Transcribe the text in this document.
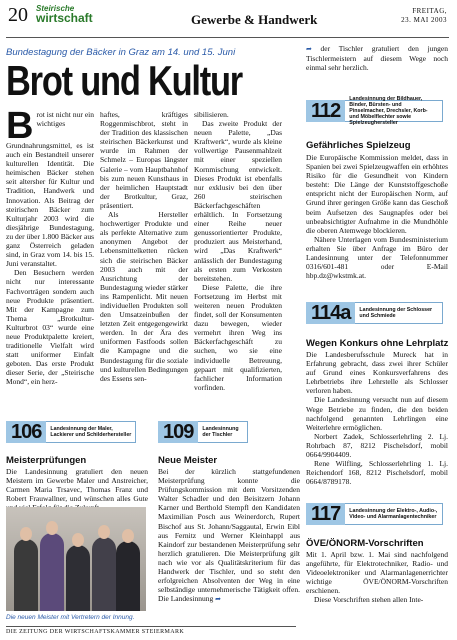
20 Steirische
wirtschaft	Gewerbe & Handwerk
FREITAG,
23. MAI 2003
Bundestagung der Bäcker in Graz am 14. und 15. Juni
Brot und Kultur
B rot ist nicht nur ein wichtiges Grundnahrungsmittel, es ist auch ein Bestandteil unserer kulturellen Identität. Die heimischen Bäcker stehen seit altersher für Kultur und Tradition, Handwerk und Innovation. Als Beitrag der steirischen Bäcker zum Kulturjahr 2003 wird die diesjährige Bundestagung, zu der über 1.800 Bäcker aus ganz Österreich geladen sind, in Graz vom 14. bis 15. Juni veranstaltet.

Den Besuchern werden nicht nur interessante Fachvorträgen sondern auch neue Produkte präsentiert. Mit der Kampagne zum Thema „Brotkultur-Kulturbrot 03“ wurde eine neue Produktpalette kreiert, traditionelle Vielfalt wird statt uniformer Einfalt geboten. Das erste Produkt dieser Serie, der „Steirische Mond“, ein herz-

haftes, kräftiges Roggenmischbrot, steht in der Tradition des klassischen steirischen Bäckerkunst und wurde im Rahmen der Schmelz – Europas längster Galerie – vom Hauptbahnhof bis zum neuen Kunsthaus in der heimlichen Hauptstadt der Brotkultur, Graz, präsentiert.

Als Hersteller hochwertiger Produkte und als perfekte Alternative zum anonymen Angebot der Lebensmittelketten rücken sich die steirischen Bäcker 2003 auch mit der Ausrichtung der Bundestagung wieder stärker ins Rampenlicht. Mit neuen individuellen Produkten soll den Umsatzeinbußen der letzten Zeit entgegengewirkt werden. In der Ära des uniformen Fastfoods sollen die Kampagne und die Bundestagung für die soziale und kulturellen Bedingungen des Essens sen-

sibilisieren.

Das zweite Produkt der neuen Palette, „Das Kraftwerk“, wurde als kleine vollwertige Pausenmahlzeit mit einer speziellen Kornmischung entwickelt. Dieses Produkt ist ebenfalls nur exklusiv bei den über 260 steirischen Bäckerfachgeschäften erhältlich. In Fortsetzung einer Reihe neuer genussorientierter Produkte, produziert aus Meisterhand, wird „Das Kraftwerk“ anlässlich der Bundestagung als ersten zum Verkosten bereitstehen.

Diese Palette, die ihre Fortsetzung im Herbst mit weiteren neuen Produkten findet, soll der Konsumenten dazu bewegen, wieder vermehrt ihren Weg ins Bäckerfachgeschäft zu suchen, wo sie eine individuelle Betreuung, gepaart mit qualifizierten, fachlicher Information vorfinden.

➦ der Tischler gratuliert den jungen Tischlermeistern auf diesem Wege noch einmal sehr herzlich.

112
Landesinnung der Bildhauer, Binder, Bürsten- und Pinselmacher, Drechsler, Korb- und Möbelflechter sowie Spielzeughersteller
Gefährliches Spielzeug

Die Europäische Kommission meldet, dass in Spanien bei zwei Spielzeugwaffen ein erhöhtes Risiko für die Gesundheit von Kindern besteht: Die Länge der Kunststoffgeschoße entspricht nicht der Europäischen Norm, auf Grund ihrer geringen Größe kann das Geschoß beim Aufsetzen des Saugnapfes oder bei unbeabsichtigter Aufnahme in die Mundhöhle die oberen Atemwege blockieren.

Nähere Unterlagen vom Bundesministerium erhalten Sie über Anfrage im Büro der Landesinnung unter der Telefonnummer 0316/601-481 oder E-Mail hbp.dz@wkstmk.at.

114a	Landesinnung der Schlosser und Schmiede
Wegen Konkurs ohne Lehrplatz

Die Landesberufsschule Mureck hat in Erfahrung gebracht, dass zwei ihrer Schüler auf Grund eines Konkursverfahrens des Lehrbetriebs ihre Lehrstelle als Schlosser verloren haben.

Die Landesinnung versucht nun auf diesem Wege Betriebe zu finden, die den beiden nachfolgend genannten Lehrlingen eine Weiterlehre ermöglichen.

Norbert Zadek, Schlosserlehrling 2. Lj. Rohrbach 87, 8212 Pischelsdorf, mobil 0664/9904409.

Rene Wilfling, Schlosserlehrling 1. Lj. Reichendorf 168, 8212 Pischelsdorf, mobil 0664/8789178.

117	Landesinnung der Elektro-, Audio-, Video- und Alarmanlagentechniker
ÖVE/ÖNORM-Vorschriften

Mit 1. April bzw. 1. Mai sind nachfolgend angeführte, für Elektrotechniker, Radio- und Videoelektroniker und Alarmanlagenerrichter wichtige ÖVE/ÖNORM-Vorschriften erschienen.

Diese Vorschriften stehen allen Inte-

106	Landesinnung der Maler, Lackierer und Schilderhersteller
Meisterprüfungen

Die Landesinnung gratuliert den neuen Meistern im Gewerbe Maler und Anstreicher, Carmen Maria Trsavec, Thomas Franz und Robert Frauwallner, und wünschen alles Gute

Die neuen Meister mit Vertretern der Innung.
109	Landesinnung der Tischler
Neue Meister

Bei der kürzlich stattgefundenen Meisterprüfung konnte die Prüfungskommission mit dem Vorsitzenden Walter Schadler und den Beisitzern Johann Karner und Berthold Stempfl den Kandidaten Maximilian Posch aus Weinerdorch, Rupert Bischof aus St. Johann/Saggautal, Erwin Eibl aus Fernitz und Werner Kleinhappl aus Kaindorf zur bestandenen Meisterprüfung sehr herzlich gratulieren. Die Meisterprüfung gilt nach wie vor als Qualitätskriterium für das Handwerk der Tischler, und so steht den erfolgreichen Absolventen der Weg in eine selbständige unternehmerische Tätigkeit offen. Die Landesinnung ➦

DIE ZEITUNG DER WIRTSCHAFTSKAMMER STEIERMARK
